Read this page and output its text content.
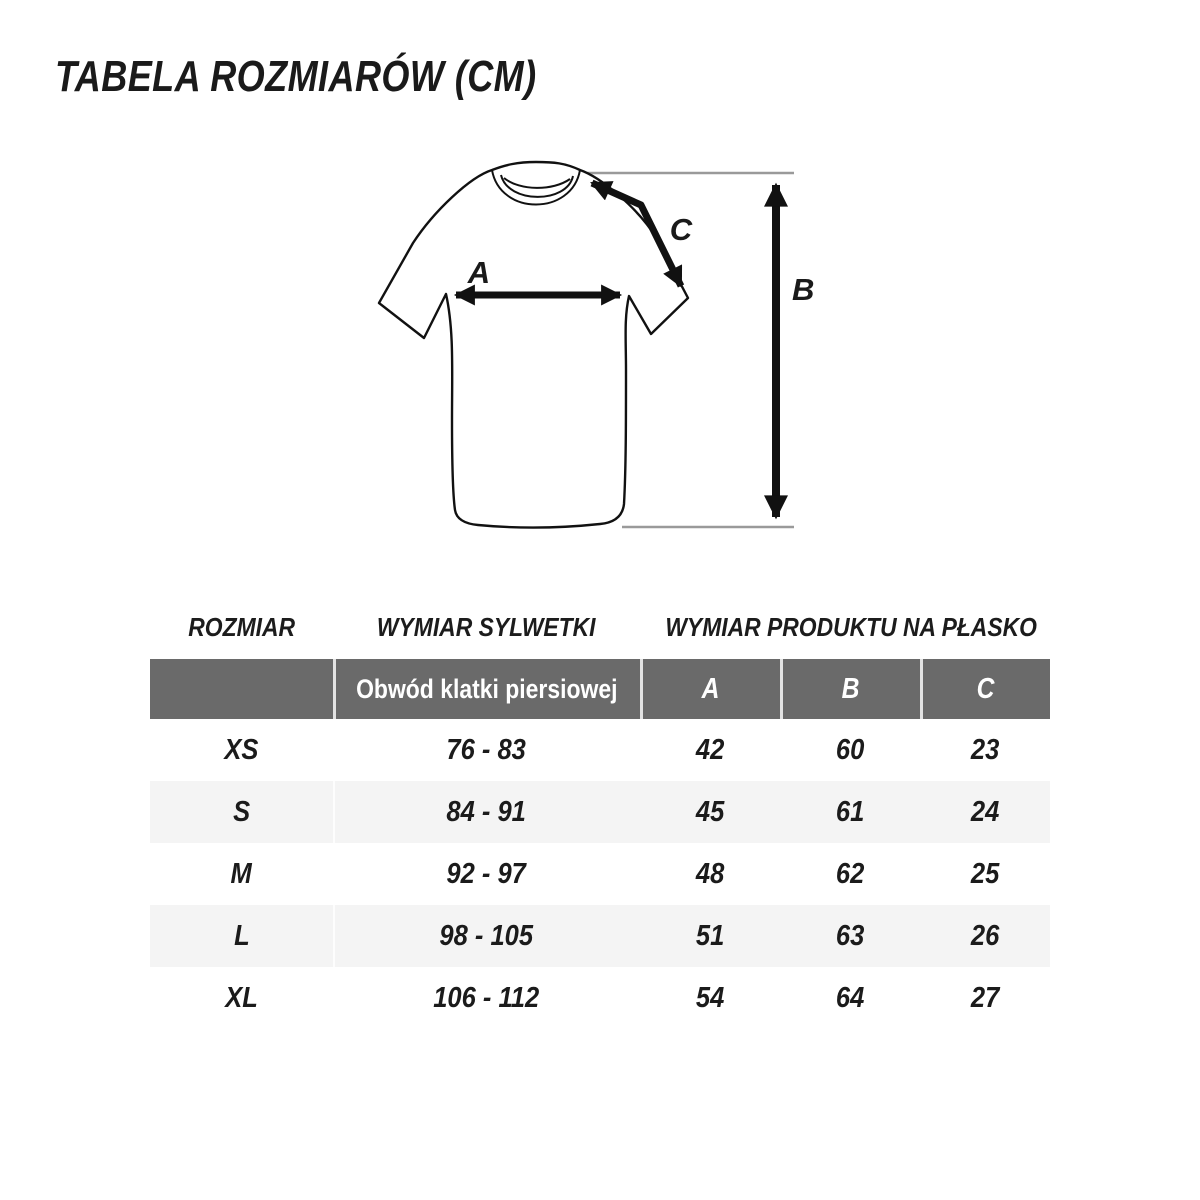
TABELA ROZMIARÓW (CM)
A
C
B
ROZMIAR	WYMIAR SYLWETKI	WYMIAR PRODUKTU NA PŁASKO
	Obwód klatki piersiowej	A	B	C
XS	76 - 83	42	60	23
S	84 - 91	45	61	24
M	92 - 97	48	62	25
L	98 - 105	51	63	26
XL	106 - 112	54	64	27
